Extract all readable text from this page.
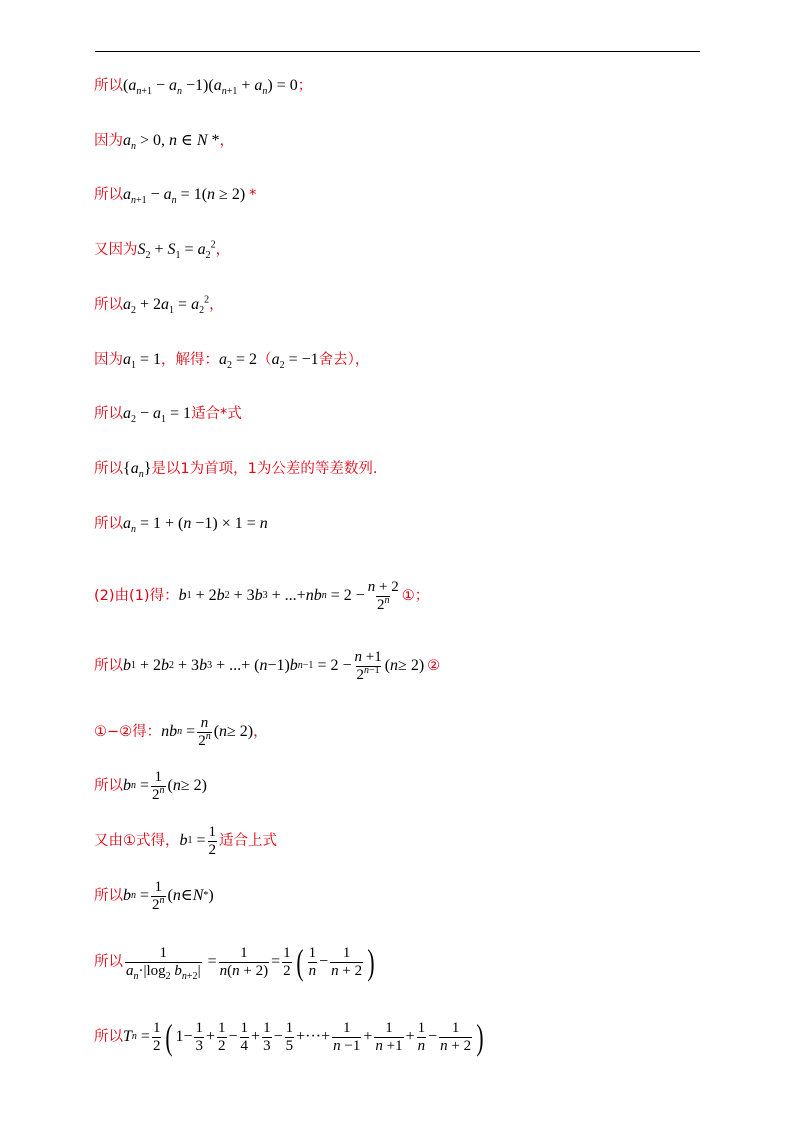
所以 $(a_{n+1} - a_n -1)(a_{n+1} + a_n) = 0$ ；
因为 $a_n > 0$, n ∈ N * ，
所以 $a_{n+1} - a_n = 1(n \ge 2)$ *
又因为 $S_2 + S_1 = a_2^2$ ，
所以 $a_2 + 2a_1 = a_2^2$ ，
因为 $a_1 = 1$ ，解得： $a_2 = 2$ （ $a_2 = -1$ 舍去），
所以 $a_2 - a_1 = 1$ 适合*式
所以 $\{a_n\}$ 是以1为首项，1为公差的等差数列.
所以 $a_n = 1 + (n -1) \times 1 = n$
(2)由(1)得： b 1 + 2 b 2 + 3 b 3 + ...+ nb $n = 2 - \frac{n + 2}{2^n}$ ①；
所以 b 1 + 2 b 2 + 3 b 3 + ...+ ( n −1) b $n-1 = 2 - \frac{n +1}{2^{n-1}}$ ( n ≥ 2) ②
①−②得： nb $n = \frac{n}{2^n}$ ( n ≥ 2) ，
所以 b $n = \frac{1}{2^n}$ ( n ≥ 2)
又由①式得， b $1 = \frac{1}{2}$ 适合上式
所以 b $n = \frac{1}{2^n}$ ( n ∈ N * )
所以 $\frac{1}{a_n\cdot|\log_2 b_{n+2}|} = \frac{1}{n(n + 2)} = \frac{1}{2}$ ( $\frac{1}{n} - \frac{1}{n + 2}$ )
所以 T $n = \frac{1}{2}$ ( $1- \frac{1}{3} + \frac{1}{2} - \frac{1}{4} + \frac{1}{3} - \frac{1}{5}$ +···+ $\frac{1}{n -1} + \frac{1}{n +1} + \frac{1}{n} - \frac{1}{n + 2}$ )
